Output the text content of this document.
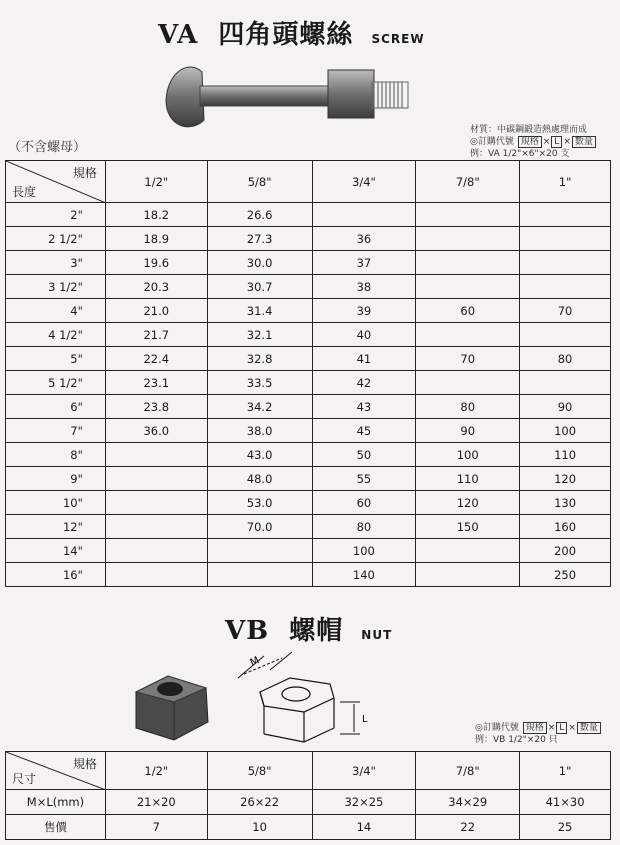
VA 四角頭螺絲 SCREW
材質：中碳鋼鍛造熱處理而成
◎訂購代號 規格 × L × 數量
例：VA 1/2"×6"×20 支
（不含螺母）
規格
長度	1/2"	5/8"	3/4"	7/8"	1"
2"	18.2	26.6			
2 1/2"	18.9	27.3	36		
3"	19.6	30.0	37		
3 1/2"	20.3	30.7	38		
4"	21.0	31.4	39	60	70
4 1/2"	21.7	32.1	40		
5"	22.4	32.8	41	70	80
5 1/2"	23.1	33.5	42		
6"	23.8	34.2	43	80	90
7"	36.0	38.0	45	90	100
8"		43.0	50	100	110
9"		48.0	55	110	120
10"		53.0	60	120	130
12"		70.0	80	150	160
14"			100		200
16"			140		250
VB 螺帽 NUT
M
L
◎訂購代號 規格 × L × 數量
例：VB 1/2"×20 只
規格
尺寸	1/2"	5/8"	3/4"	7/8"	1"
M×L(mm)	21×20	26×22	32×25	34×29	41×30
售價	7	10	14	22	25
